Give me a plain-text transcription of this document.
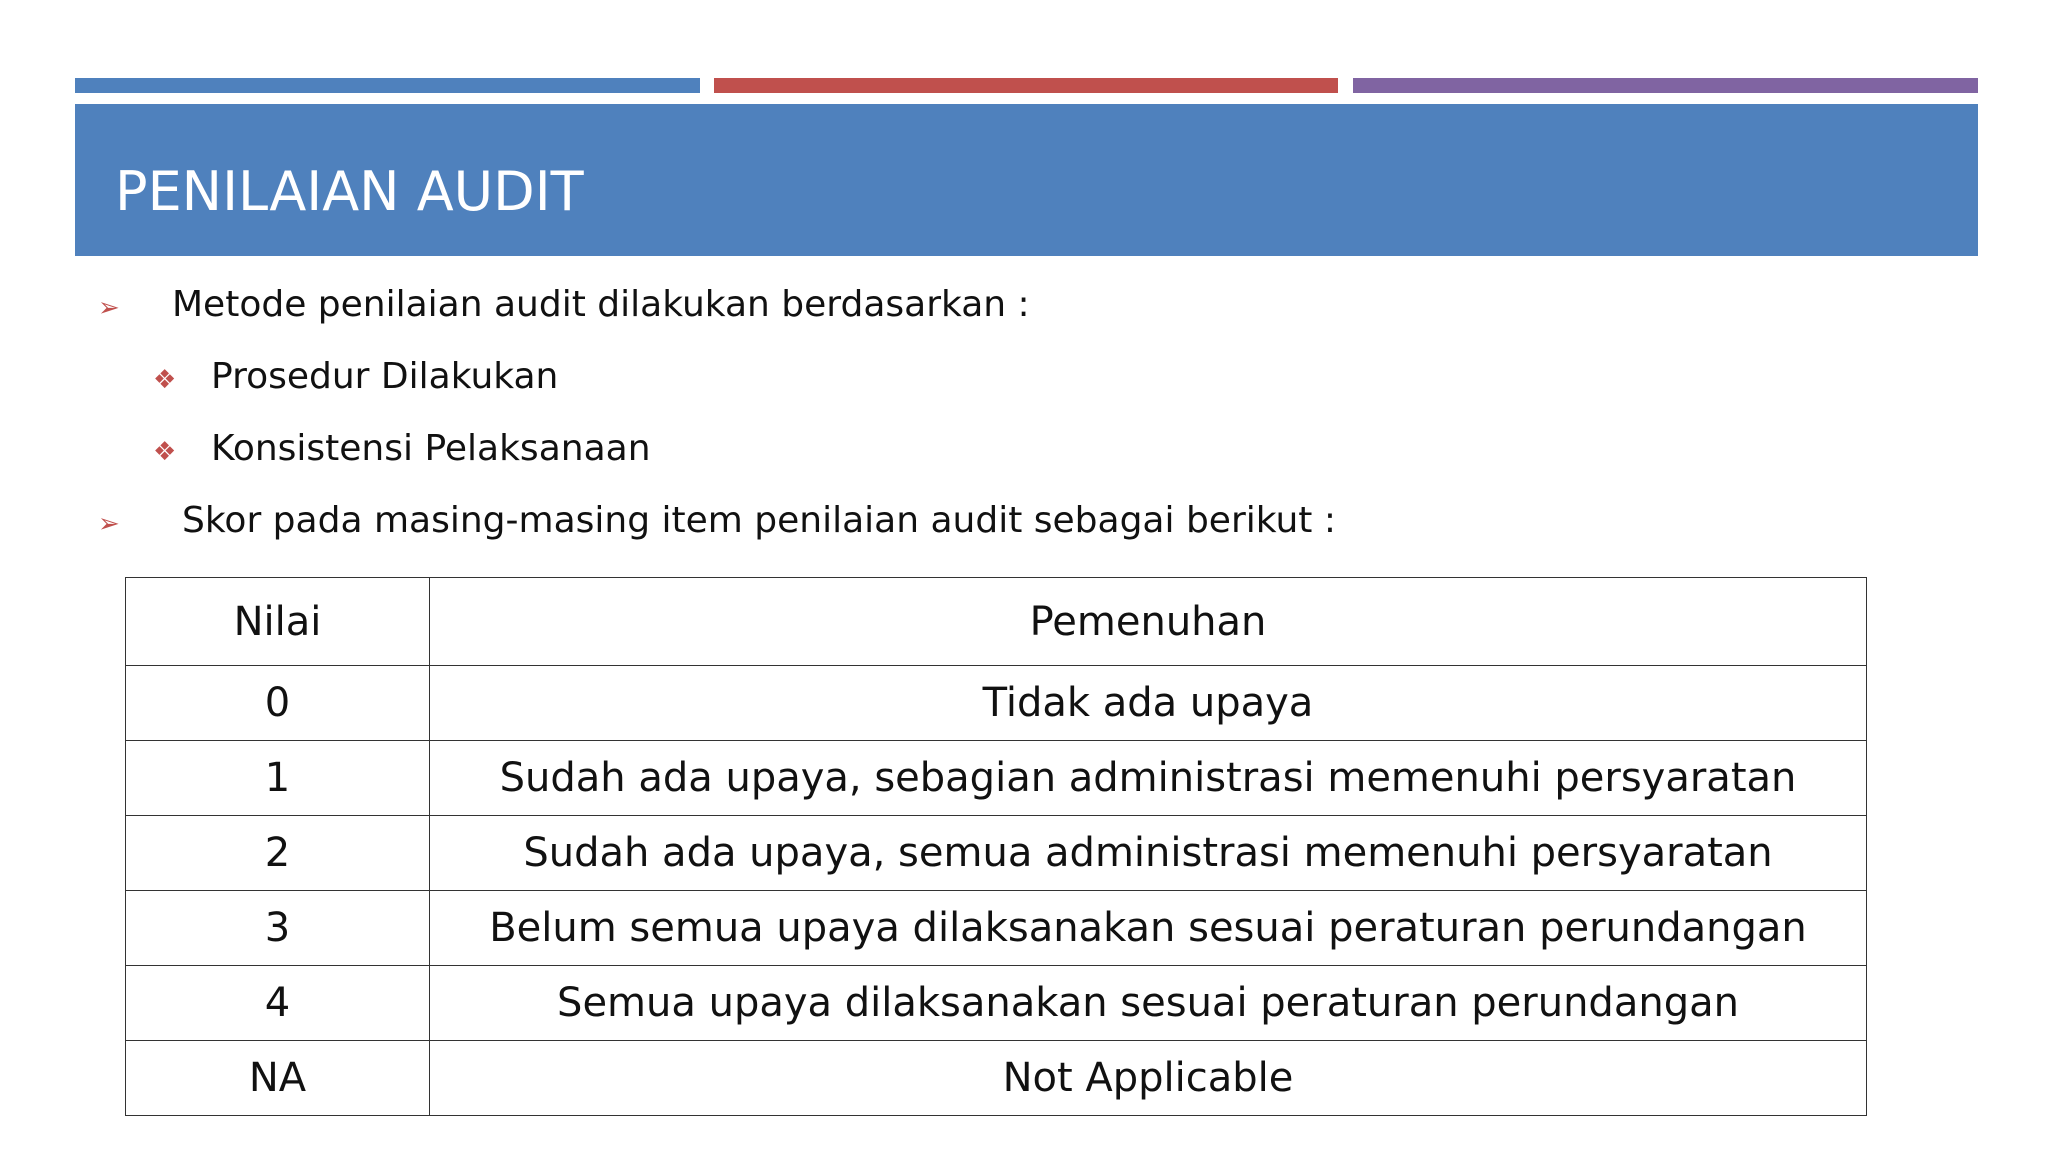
PENILAIAN AUDIT
➢ Metode penilaian audit dilakukan berdasarkan :
❖ Prosedur Dilakukan
❖ Konsistensi Pelaksanaan
➢ Skor pada masing-masing item penilaian audit sebagai berikut :
Nilai	Pemenuhan
0	Tidak ada upaya
1	Sudah ada upaya, sebagian administrasi memenuhi persyaratan
2	Sudah ada upaya, semua administrasi memenuhi persyaratan
3	Belum semua upaya dilaksanakan sesuai peraturan perundangan
4	Semua upaya dilaksanakan sesuai peraturan perundangan
NA	Not Applicable
